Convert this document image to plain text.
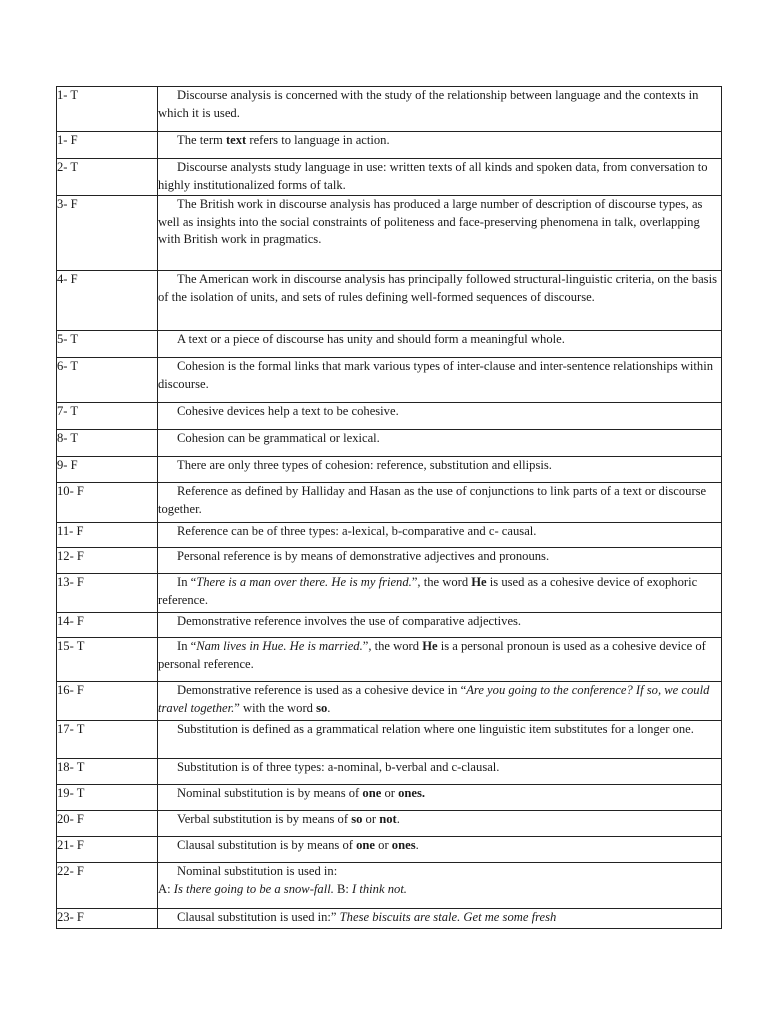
1- T	Discourse analysis is concerned with the study of the relationship between language and the contexts in which it is used.

1- F	The term text refers to language in action.

2- T	Discourse analysts study language in use: written texts of all kinds and spoken data, from conversation to highly institutionalized forms of talk.

3- F	The British work in discourse analysis has produced a large number of description of discourse types, as well as insights into the social constraints of politeness and face-preserving phenomena in talk, overlapping with British work in pragmatics.

4- F	The American work in discourse analysis has principally followed structural-linguistic criteria, on the basis of the isolation of units, and sets of rules defining well-formed sequences of discourse.

5- T	A text or a piece of discourse has unity and should form a meaningful whole.

6- T	Cohesion is the formal links that mark various types of inter-clause and inter-sentence relationships within discourse.

7- T	Cohesive devices help a text to be cohesive.

8- T	Cohesion can be grammatical or lexical.

9- F	There are only three types of cohesion: reference, substitution and ellipsis.

10- F	Reference as defined by Halliday and Hasan as the use of conjunctions to link parts of a text or discourse together.

11- F	Reference can be of three types: a-lexical, b-comparative and c- causal.

12- F	Personal reference is by means of demonstrative adjectives and pronouns.

13- F	In “There is a man over there. He is my friend.”, the word He is used as a cohesive device of exophoric reference.

14- F	Demonstrative reference involves the use of comparative adjectives.

15- T	In “Nam lives in Hue. He is married.”, the word He is a personal pronoun is used as a cohesive device of personal reference.

16- F	Demonstrative reference is used as a cohesive device in “Are you going to the conference? If so, we could travel together.” with the word so.

17- T	Substitution is defined as a grammatical relation where one linguistic item substitutes for a longer one.

18- T	Substitution is of three types: a-nominal, b-verbal and c-clausal.

19- T	Nominal substitution is by means of one or ones.

20- F	Verbal substitution is by means of so or not.

21- F	Clausal substitution is by means of one or ones.

22- F	Nominal substitution is used in:
A: Is there going to be a snow-fall. B: I think not.

23- F	Clausal substitution is used in:” These biscuits are stale. Get me some fresh
